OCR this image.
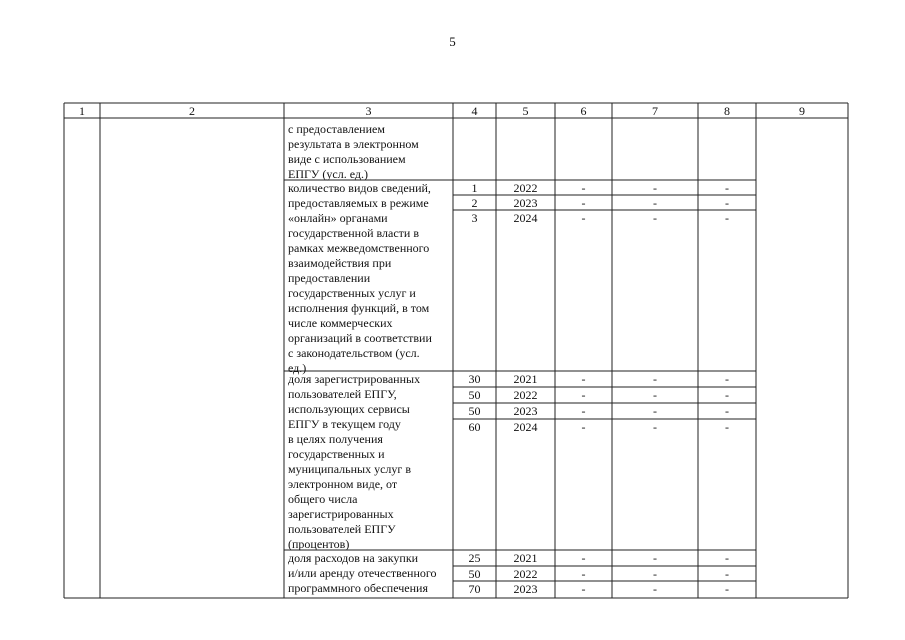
5
1	2	3	4	5	6	7	8	9
с предоставлением
результата в электронном
виде с использованием
ЕПГУ (усл. ед.)
количество видов сведений,
предоставляемых в режиме
«онлайн» органами
государственной власти в
рамках межведомственного
взаимодействия при
предоставлении
государственных услуг и
исполнения функций, в том
числе коммерческих
организаций в соответствии
с законодательством (усл.
ед.)
1	2022	-	-	-
2	2023	-	-	-
3	2024	-	-	-
доля зарегистрированных
пользователей ЕПГУ,
использующих сервисы
ЕПГУ в текущем году
в целях получения
государственных и
муниципальных услуг в
электронном виде, от
общего числа
зарегистрированных
пользователей ЕПГУ
(процентов)
30	2021	-	-	-
50	2022	-	-	-
50	2023	-	-	-
60	2024	-	-	-
доля расходов на закупки
и/или аренду отечественного
программного обеспечения
25	2021	-	-	-
50	2022	-	-	-
70	2023	-	-	-
